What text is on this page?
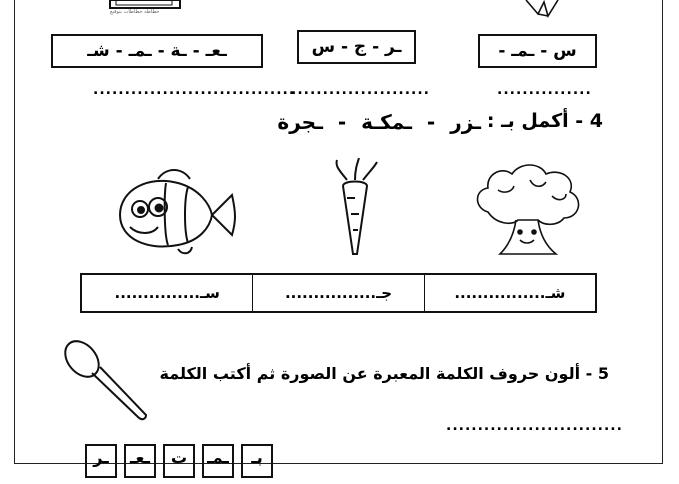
خطاطة خطاطات بتوقيع
س - ـمـ -
ـر - ج - س
ـعـ - ـة - ـمـ - شـ
...............
......................
................................
4 - أكمل بـ :
ـزر - ـمكـة - ـجرة
شـ
................
جـ
................
سـ
...............
5 - ألون حروف الكلمة المعبرة عن الصورة ثم أكتب الكلمة
............................
بـ
ـمـ
ت
ـعـ
ـر
